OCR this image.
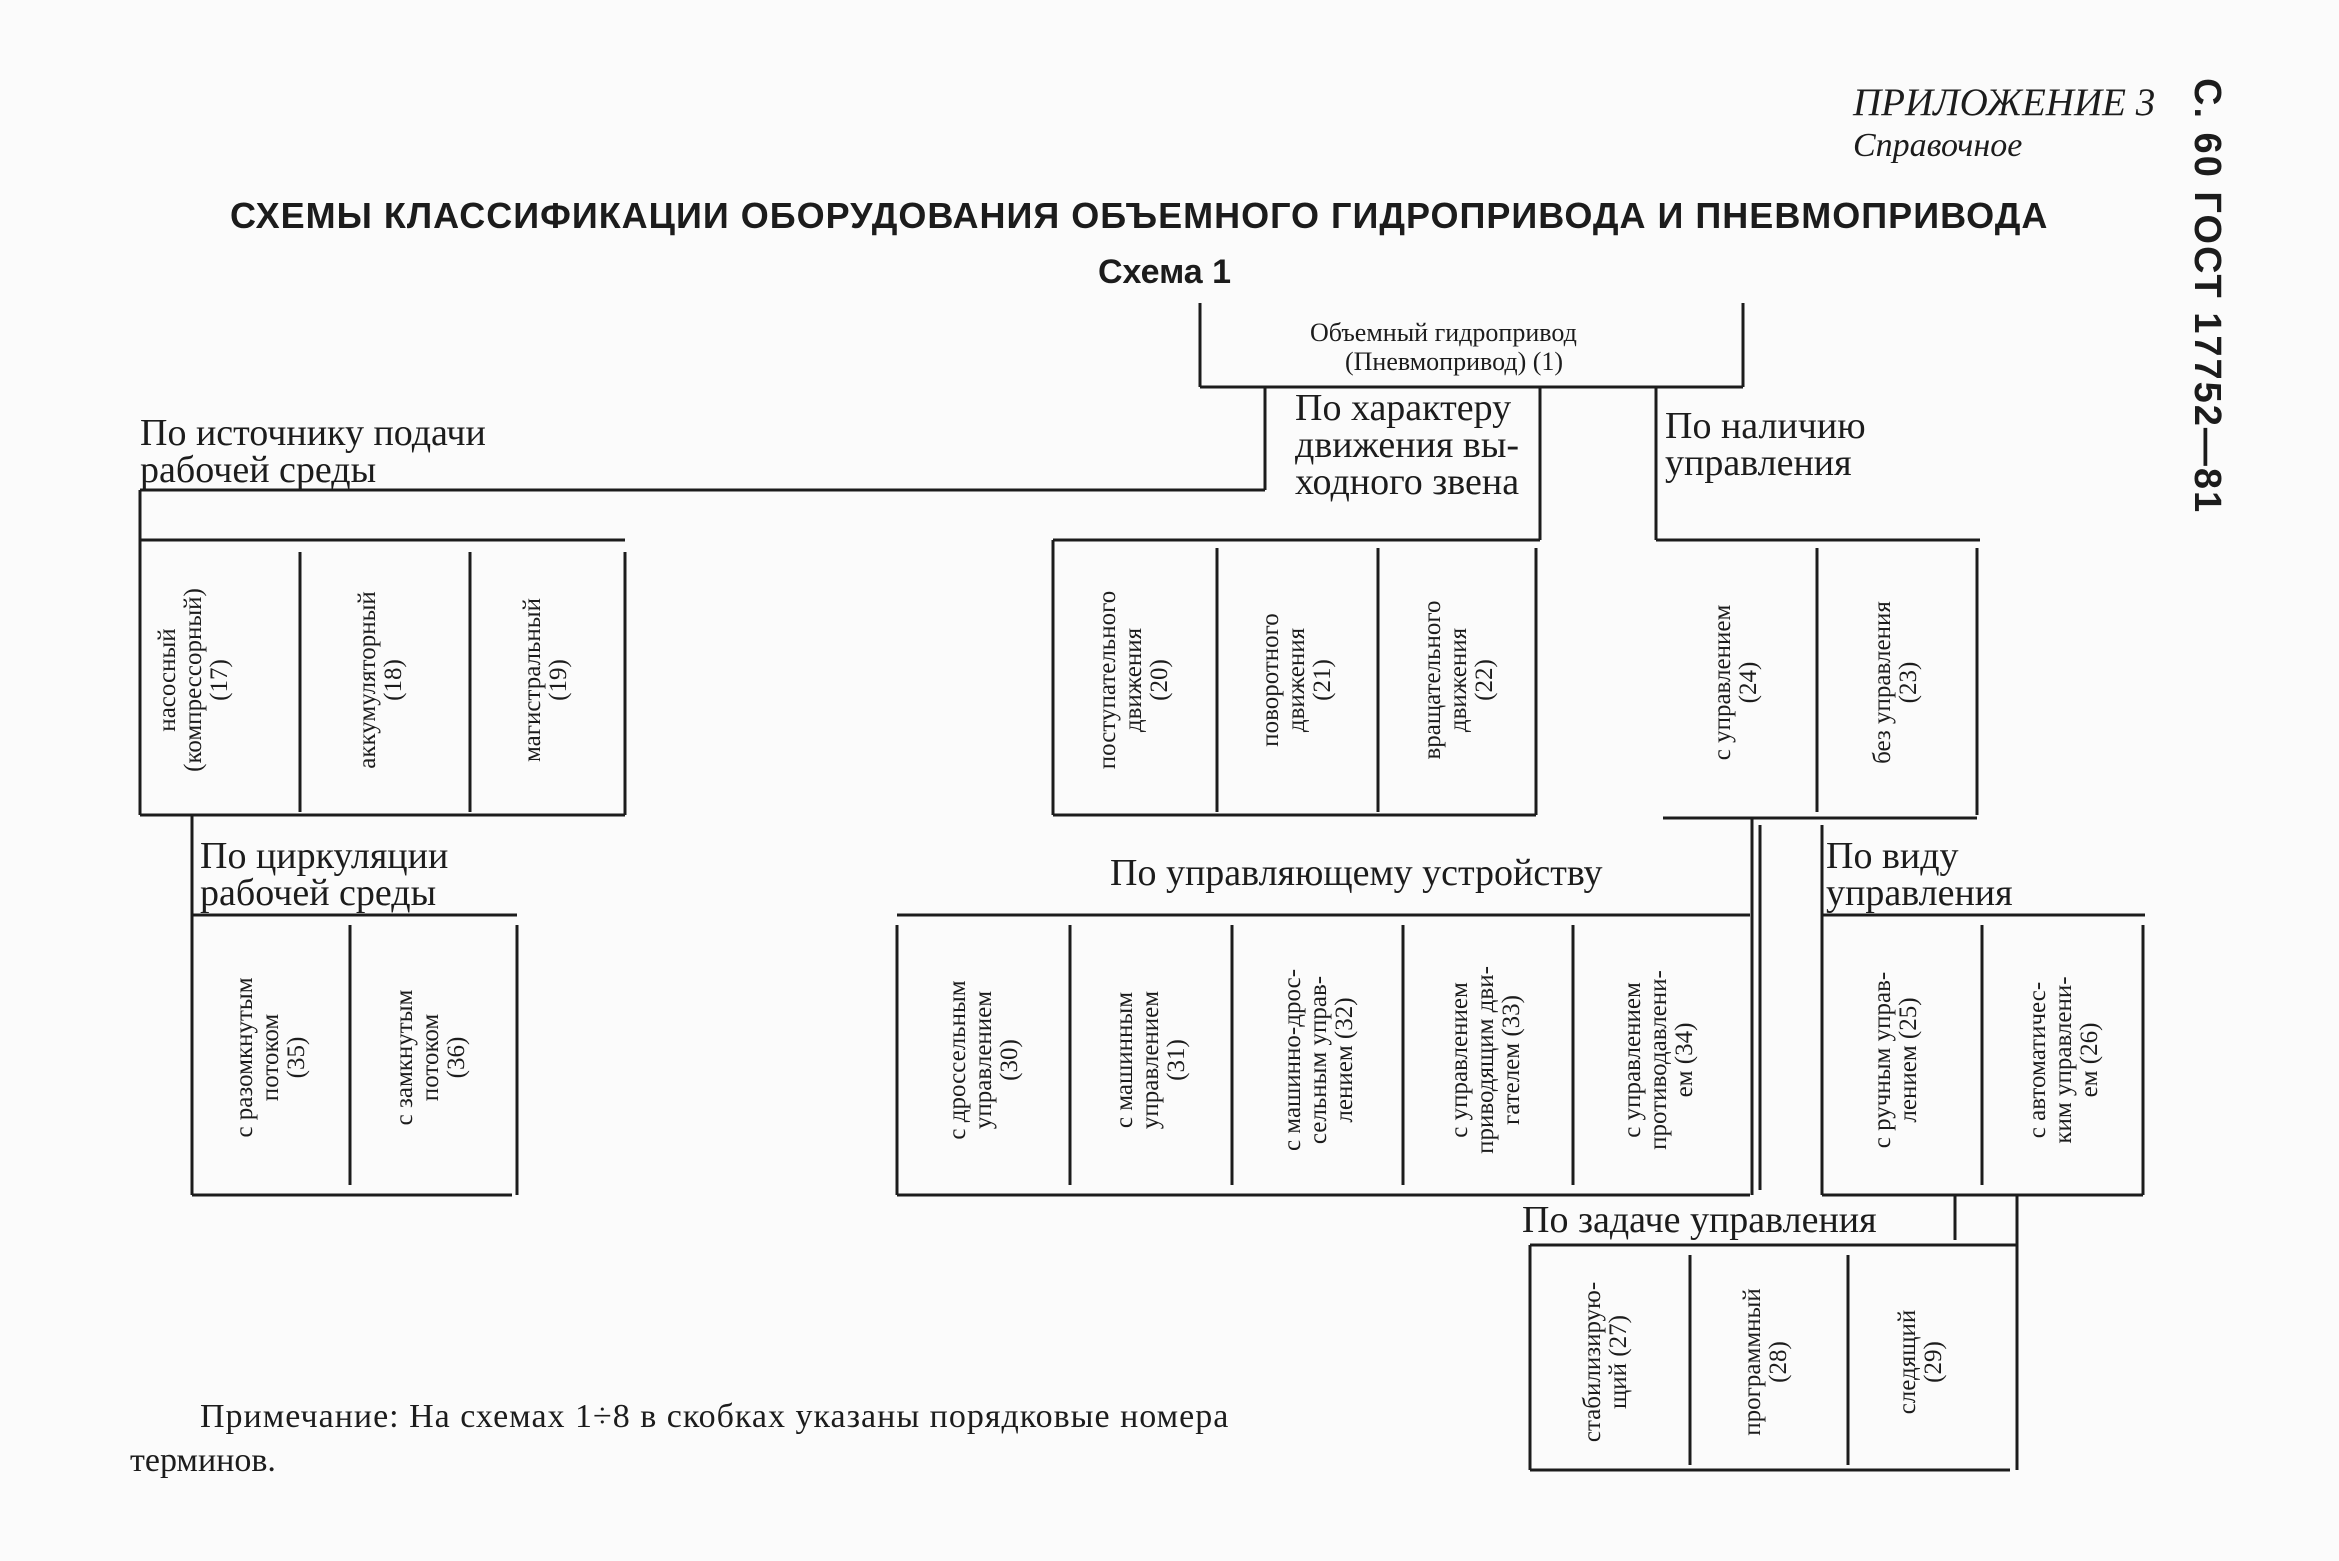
ПРИЛОЖЕНИЕ 3
Справочное	С. 60 ГОСТ 17752—81
СХЕМЫ КЛАССИФИКАЦИИ ОБОРУДОВАНИЯ ОБЪЕМНОГО ГИДРОПРИВОДА И ПНЕВМОПРИВОДА
Схема 1
Объемный гидропривод
(Пневмопривод) (1)
По источнику подачи
рабочей среды
По характеру
движения вы-
ходного звена
По наличию
управления
По циркуляции
рабочей среды	По управляющему устройству	По виду
управления
По задаче управления
насосный (компрессорный) (17)	аккумуляторный (18)	магистральный (19)	поступательного движения (20)	поворотного движения (21)	вращательного движения (22)	с управлением (24)	без управления (23)
с разомкнутым потоком (35)	с замкнутым потоком (36)	с дроссельным управлением (30)	с машинным управлением (31)	с машинно-дрос- сельным управ- лением (32)	с управлением приводящим дви- гателем (33)	с управлением противодавлени- ем (34)	с ручным управ- лением (25)	с автоматичес- ким управлени- ем (26)
стабилизирую- щий (27)	программный (28)	следящий (29)
Примечание: На схемах 1÷8 в скобках указаны порядковые номера
терминов.
